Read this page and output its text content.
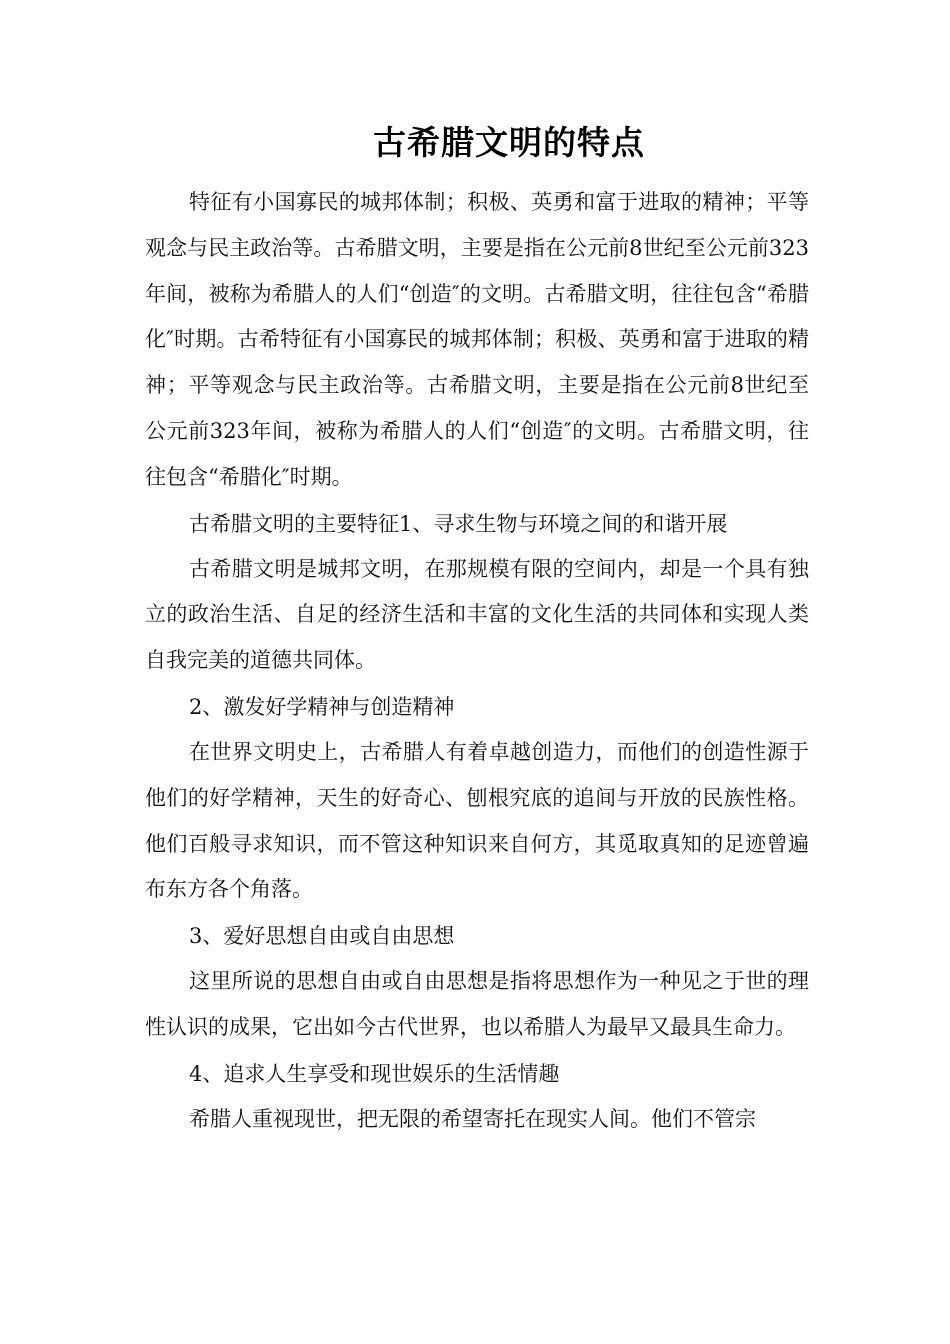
古希腊文明的特点

特征有小国寡民的城邦体制；积极、英勇和富于进取的精神；平等观念与民主政治等。古希腊文明，主要是指在公元前8世纪至公元前323年间，被称为希腊人的人们“创造″的文明。古希腊文明，往往包含“希腊化″时期。古希特征有小国寡民的城邦体制；积极、英勇和富于进取的精神；平等观念与民主政治等。古希腊文明，主要是指在公元前8世纪至公元前323年间，被称为希腊人的人们“创造″的文明。古希腊文明，往往包含“希腊化″时期。

古希腊文明的主要特征1、寻求生物与环境之间的和谐开展

古希腊文明是城邦文明，在那规模有限的空间内，却是一个具有独立的政治生活、自足的经济生活和丰富的文化生活的共同体和实现人类自我完美的道德共同体。

2、激发好学精神与创造精神

在世界文明史上，古希腊人有着卓越创造力，而他们的创造性源于他们的好学精神，天生的好奇心、刨根究底的追间与开放的民族性格。他们百般寻求知识，而不管这种知识来自何方，其觅取真知的足迹曾遍布东方各个角落。

3、爱好思想自由或自由思想

这里所说的思想自由或自由思想是指将思想作为一种见之于世的理性认识的成果，它出如今古代世界，也以希腊人为最早又最具生命力。

4、追求人生享受和现世娱乐的生活情趣

希腊人重视现世，把无限的希望寄托在现实人间。他们不管宗
